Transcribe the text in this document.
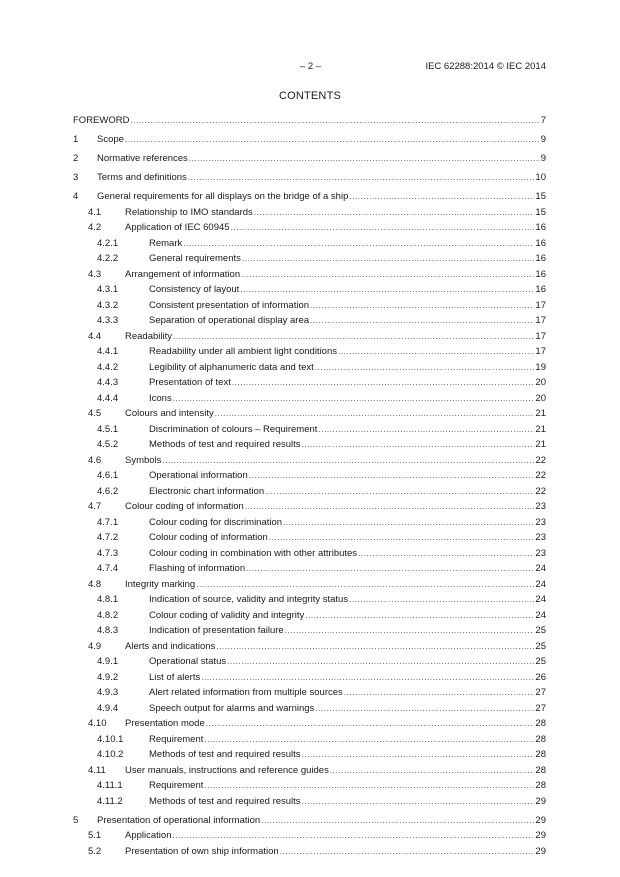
– 2 –	IEC 62288:2014 © IEC 2014
CONTENTS
FOREWORD .....	7
1 Scope .....	9
2 Normative references .....	9
3 Terms and definitions .....	10
4 General requirements for all displays on the bridge of a ship .....	15
4.1	Relationship to IMO standards .....	15
4.2	Application of IEC 60945 .....	16
4.2.1	Remark .....	16
4.2.2	General requirements .....	16
4.3	Arrangement of information .....	16
4.3.1	Consistency of layout .....	16
4.3.2	Consistent presentation of information .....	17
4.3.3	Separation of operational display area .....	17
4.4	Readability .....	17
4.4.1	Readability under all ambient light conditions .....	17
4.4.2	Legibility of alphanumeric data and text .....	19
4.4.3	Presentation of text .....	20
4.4.4	Icons .....	20
4.5	Colours and intensity .....	21
4.5.1	Discrimination of colours – Requirement .....	21
4.5.2	Methods of test and required results .....	21
4.6	Symbols .....	22
4.6.1	Operational information .....	22
4.6.2	Electronic chart information .....	22
4.7	Colour coding of information .....	23
4.7.1	Colour coding for discrimination .....	23
4.7.2	Colour coding of information .....	23
4.7.3	Colour coding in combination with other attributes .....	23
4.7.4	Flashing of information .....	24
4.8	Integrity marking .....	24
4.8.1	Indication of source, validity and integrity status .....	24
4.8.2	Colour coding of validity and integrity .....	24
4.8.3	Indication of presentation failure .....	25
4.9	Alerts and indications .....	25
4.9.1	Operational status .....	25
4.9.2	List of alerts .....	26
4.9.3	Alert related information from multiple sources .....	27
4.9.4	Speech output for alarms and warnings .....	27
4.10 Presentation mode .....	28
4.10.1	Requirement .....	28
4.10.2	Methods of test and required results .....	28
4.11 User manuals, instructions and reference guides .....	28
4.11.1	Requirement .....	28
4.11.2	Methods of test and required results .....	29
5 Presentation of operational information .....	29
5.1	Application .....	29
5.2	Presentation of own ship information .....	29
